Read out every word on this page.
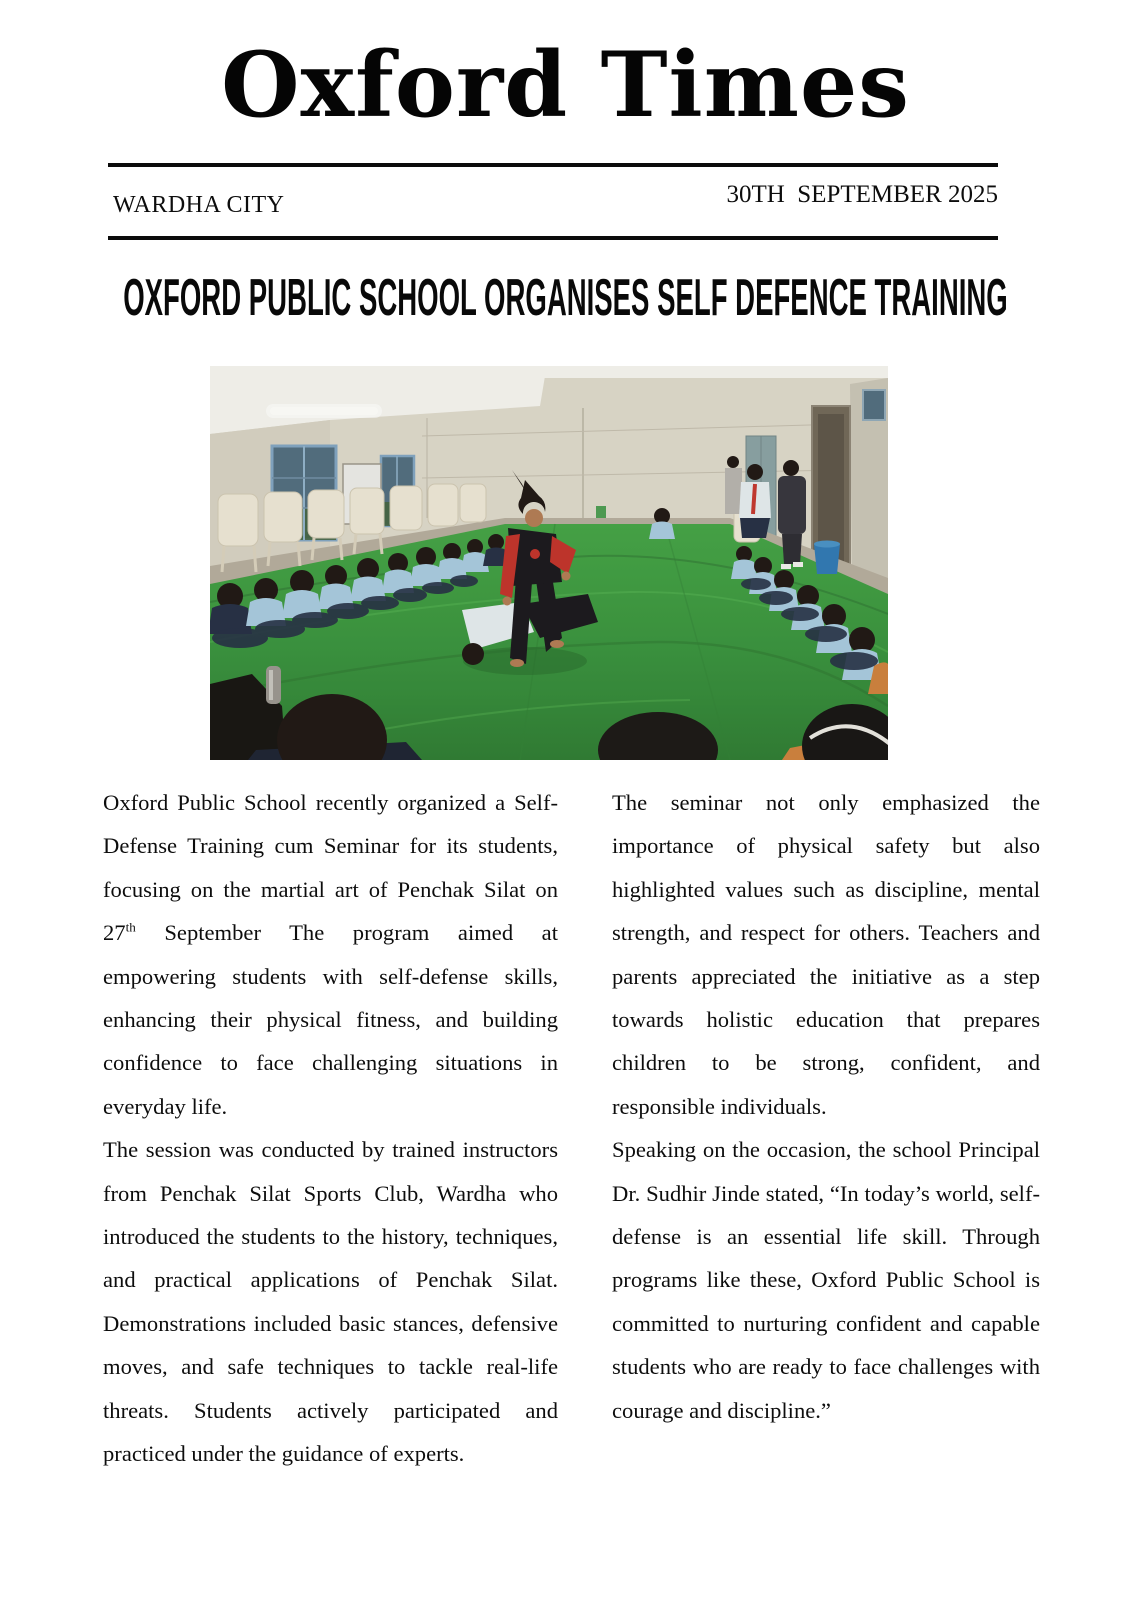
Oxford Times
WARDHA CITY	30TH  SEPTEMBER 2025
OXFORD PUBLIC SCHOOL ORGANISES SELF DEFENCE TRAINING

Oxford Public School recently organized a Self-Defense Training cum Seminar for its students, focusing on the martial art of Penchak Silat on 27th September The program aimed at empowering students with self-defense skills, enhancing their physical fitness, and building confidence to face challenging situations in everyday life.

The session was conducted by trained instructors from Penchak Silat Sports Club, Wardha who introduced the students to the history, techniques, and practical applications of Penchak Silat. Demonstrations included basic stances, defensive moves, and safe techniques to tackle real-life threats. Students actively participated and practiced under the guidance of experts.

The seminar not only emphasized the importance of physical safety but also highlighted values such as discipline, mental strength, and respect for others. Teachers and parents appreciated the initiative as a step towards holistic education that prepares children to be strong, confident, and responsible individuals.

Speaking on the occasion, the school Principal Dr. Sudhir Jinde stated, “In today’s world, self-defense is an essential life skill. Through programs like these, Oxford Public School is committed to nurturing confident and capable students who are ready to face challenges with courage and discipline.”
